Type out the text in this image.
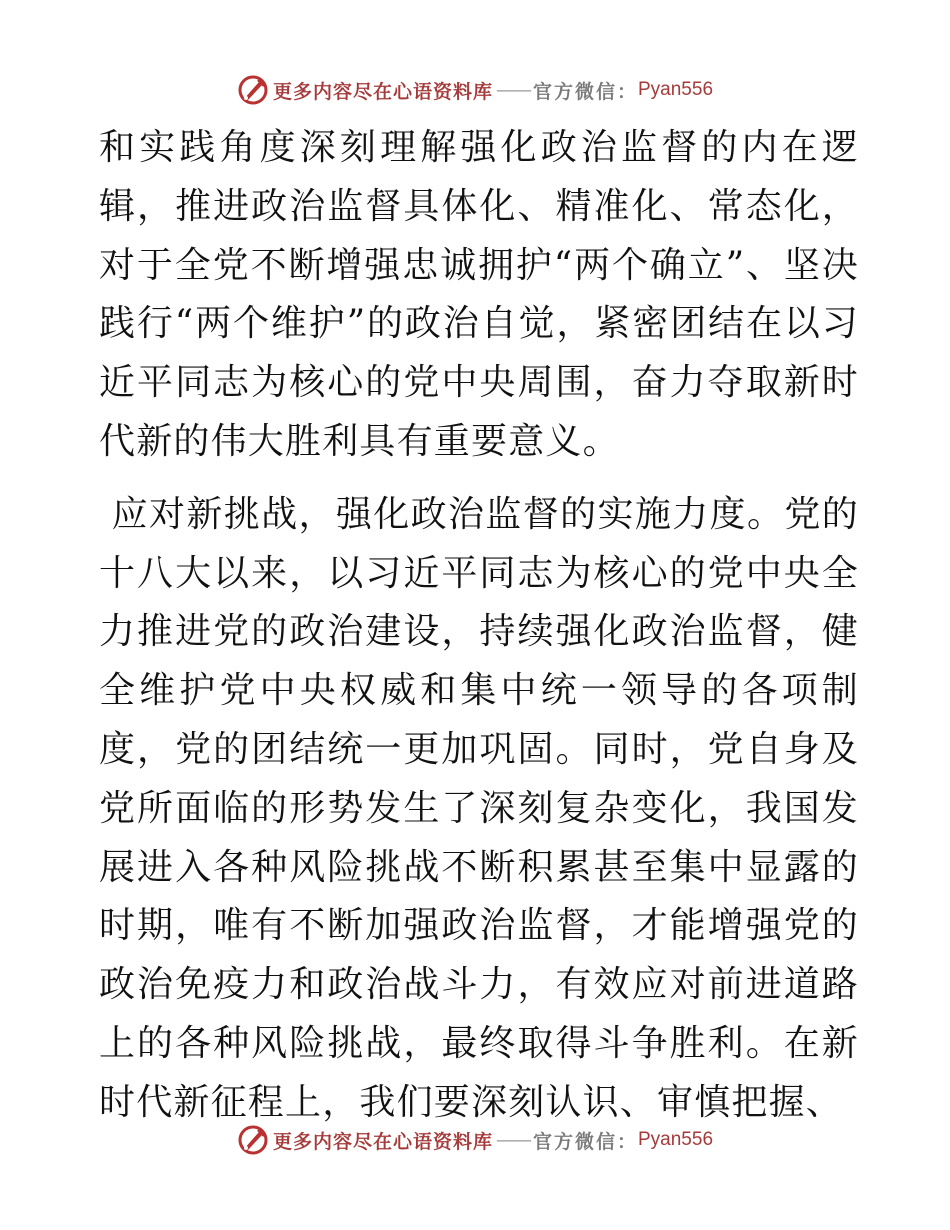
更多内容尽在心语资料库 —— 官方微信： Pyan556

和实践角度深刻理解强化政治监督的内在逻辑，推进政治监督具体化、精准化、常态化，对于全党不断增强忠诚拥护“两个确立”、坚决践行“两个维护”的政治自觉，紧密团结在以习近平同志为核心的党中央周围，奋力夺取新时代新的伟大胜利具有重要意义。

应对新挑战，强化政治监督的实施力度。党的十八大以来，以习近平同志为核心的党中央全力推进党的政治建设，持续强化政治监督，健全维护党中央权威和集中统一领导的各项制度，党的团结统一更加巩固。同时，党自身及党所面临的形势发生了深刻复杂变化，我国发展进入各种风险挑战不断积累甚至集中显露的时期，唯有不断加强政治监督，才能增强党的政治免疫力和政治战斗力，有效应对前进道路上的各种风险挑战，最终取得斗争胜利。在新时代新征程上，我们要深刻认识、审慎把握、

更多内容尽在心语资料库 —— 官方微信： Pyan556
